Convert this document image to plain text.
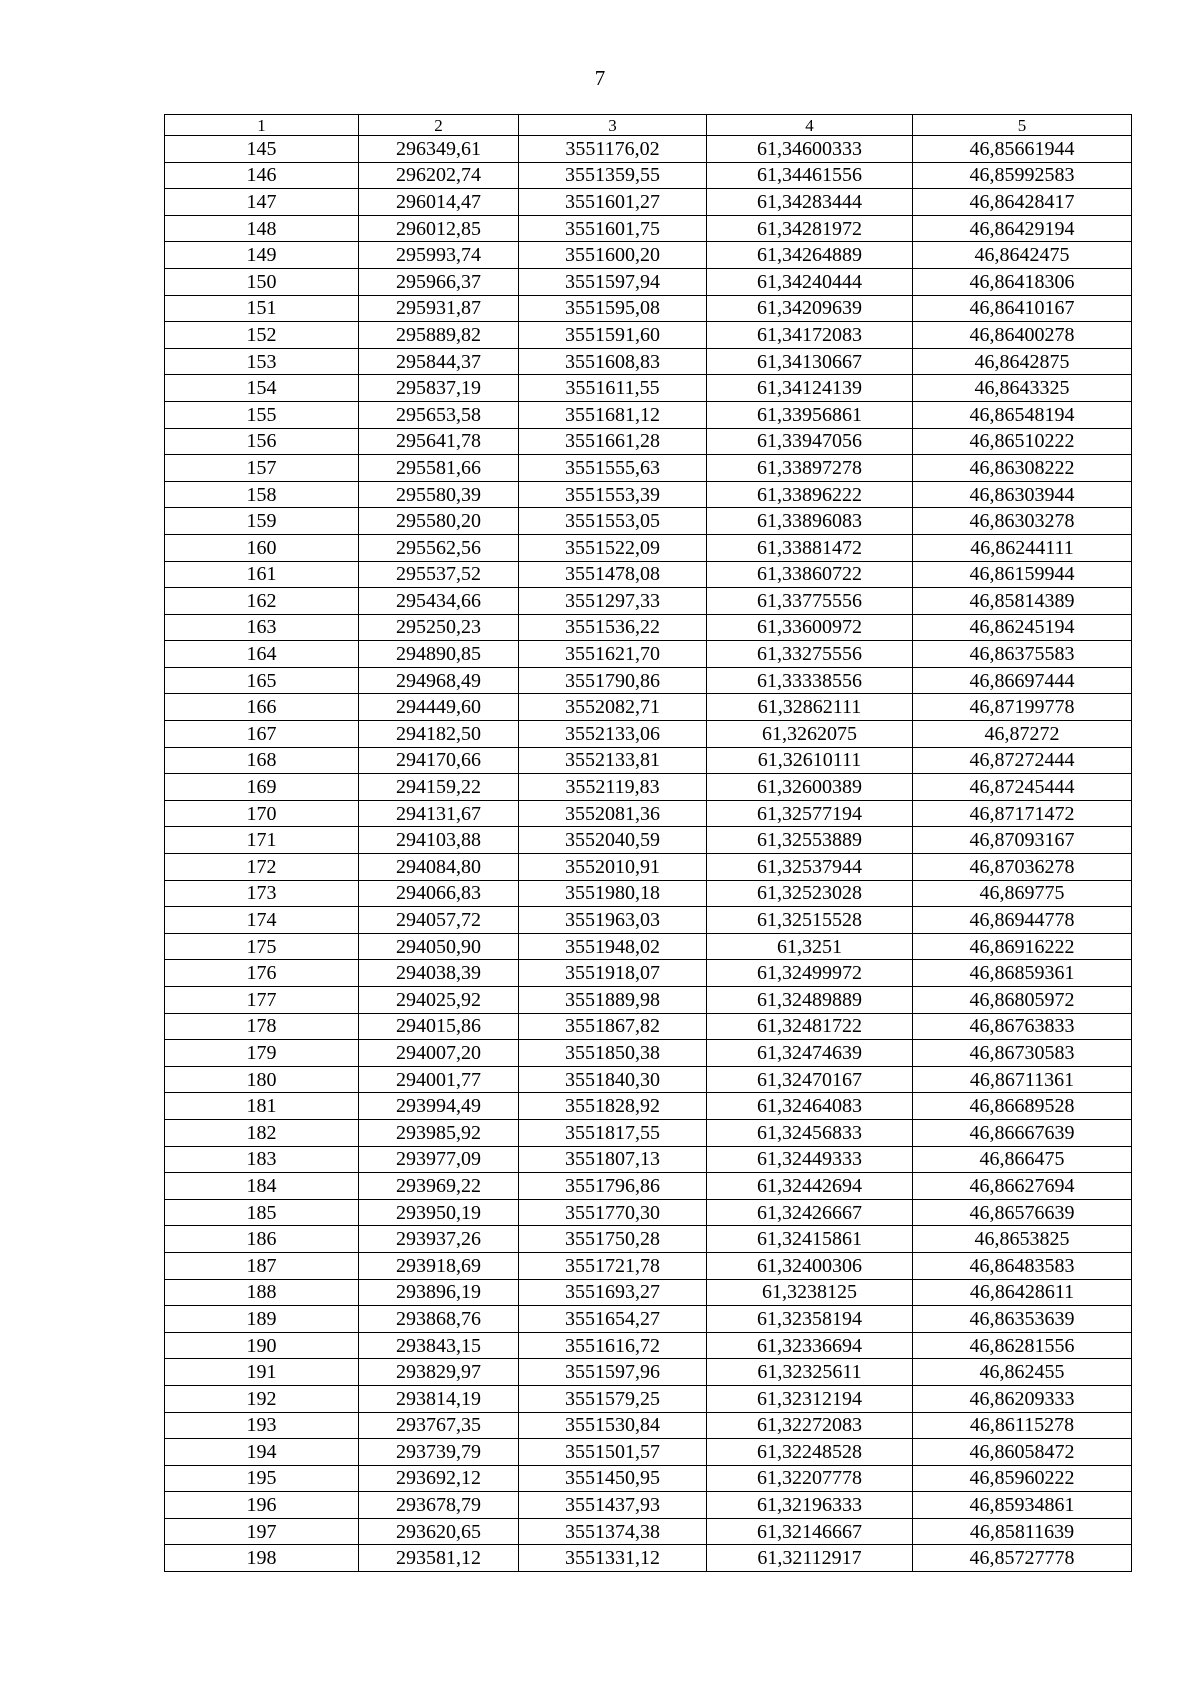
7
1	2	3	4	5
145	296349,61	3551176,02	61,34600333	46,85661944
146	296202,74	3551359,55	61,34461556	46,85992583
147	296014,47	3551601,27	61,34283444	46,86428417
148	296012,85	3551601,75	61,34281972	46,86429194
149	295993,74	3551600,20	61,34264889	46,8642475
150	295966,37	3551597,94	61,34240444	46,86418306
151	295931,87	3551595,08	61,34209639	46,86410167
152	295889,82	3551591,60	61,34172083	46,86400278
153	295844,37	3551608,83	61,34130667	46,8642875
154	295837,19	3551611,55	61,34124139	46,8643325
155	295653,58	3551681,12	61,33956861	46,86548194
156	295641,78	3551661,28	61,33947056	46,86510222
157	295581,66	3551555,63	61,33897278	46,86308222
158	295580,39	3551553,39	61,33896222	46,86303944
159	295580,20	3551553,05	61,33896083	46,86303278
160	295562,56	3551522,09	61,33881472	46,86244111
161	295537,52	3551478,08	61,33860722	46,86159944
162	295434,66	3551297,33	61,33775556	46,85814389
163	295250,23	3551536,22	61,33600972	46,86245194
164	294890,85	3551621,70	61,33275556	46,86375583
165	294968,49	3551790,86	61,33338556	46,86697444
166	294449,60	3552082,71	61,32862111	46,87199778
167	294182,50	3552133,06	61,3262075	46,87272
168	294170,66	3552133,81	61,32610111	46,87272444
169	294159,22	3552119,83	61,32600389	46,87245444
170	294131,67	3552081,36	61,32577194	46,87171472
171	294103,88	3552040,59	61,32553889	46,87093167
172	294084,80	3552010,91	61,32537944	46,87036278
173	294066,83	3551980,18	61,32523028	46,869775
174	294057,72	3551963,03	61,32515528	46,86944778
175	294050,90	3551948,02	61,3251	46,86916222
176	294038,39	3551918,07	61,32499972	46,86859361
177	294025,92	3551889,98	61,32489889	46,86805972
178	294015,86	3551867,82	61,32481722	46,86763833
179	294007,20	3551850,38	61,32474639	46,86730583
180	294001,77	3551840,30	61,32470167	46,86711361
181	293994,49	3551828,92	61,32464083	46,86689528
182	293985,92	3551817,55	61,32456833	46,86667639
183	293977,09	3551807,13	61,32449333	46,866475
184	293969,22	3551796,86	61,32442694	46,86627694
185	293950,19	3551770,30	61,32426667	46,86576639
186	293937,26	3551750,28	61,32415861	46,8653825
187	293918,69	3551721,78	61,32400306	46,86483583
188	293896,19	3551693,27	61,3238125	46,86428611
189	293868,76	3551654,27	61,32358194	46,86353639
190	293843,15	3551616,72	61,32336694	46,86281556
191	293829,97	3551597,96	61,32325611	46,862455
192	293814,19	3551579,25	61,32312194	46,86209333
193	293767,35	3551530,84	61,32272083	46,86115278
194	293739,79	3551501,57	61,32248528	46,86058472
195	293692,12	3551450,95	61,32207778	46,85960222
196	293678,79	3551437,93	61,32196333	46,85934861
197	293620,65	3551374,38	61,32146667	46,85811639
198	293581,12	3551331,12	61,32112917	46,85727778
